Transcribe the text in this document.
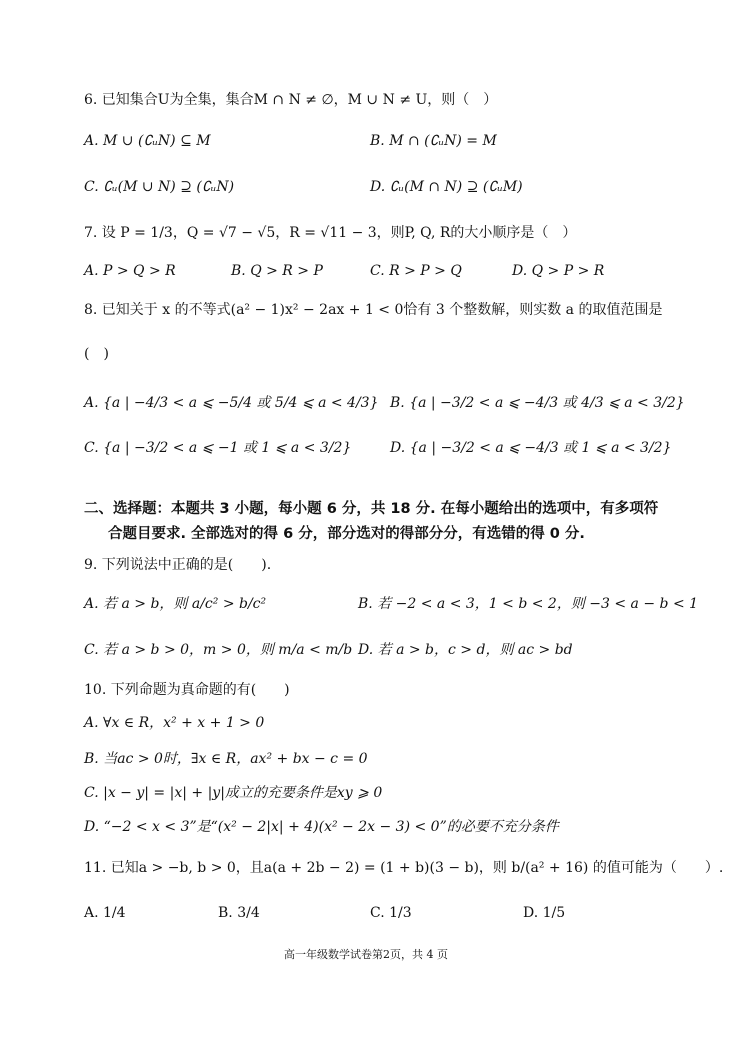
6. 已知集合U为全集，集合M ∩ N ≠ ∅，M ∪ N ≠ U，则（　）
A. M ∪ (∁ᵤN) ⊆ M	B. M ∩ (∁ᵤN) = M
C. ∁ᵤ(M ∪ N) ⊇ (∁ᵤN)	D. ∁ᵤ(M ∩ N) ⊇ (∁ᵤM)
7. 设 P = 1/3，Q = √7 − √5，R = √11 − 3，则P, Q, R的大小顺序是（　）
A. P > Q > R	B. Q > R > P	C. R > P > Q	D. Q > P > R
8. 已知关于 x 的不等式(a² − 1)x² − 2ax + 1 < 0恰有 3 个整数解，则实数 a 的取值范围是
(　)
A. {a | −4/3 < a ⩽ −5/4 或 5/4 ⩽ a < 4/3} B. {a | −3/2 < a ⩽ −4/3 或 4/3 ⩽ a < 3/2}
C. {a | −3/2 < a ⩽ −1 或 1 ⩽ a < 3/2}	D. {a | −3/2 < a ⩽ −4/3 或 1 ⩽ a < 3/2}
二、选择题：本题共 3 小题，每小题 6 分，共 18 分. 在每小题给出的选项中，有多项符
合题目要求. 全部选对的得 6 分，部分选对的得部分分，有选错的得 0 分.
9. 下列说法中正确的是(　　).
A. 若 a > b，则 a/c² > b/c²	B. 若 −2 < a < 3，1 < b < 2，则 −3 < a − b < 1
C. 若 a > b > 0，m > 0，则 m/a < m/b D. 若 a > b，c > d，则 ac > bd
10. 下列命题为真命题的有(　　)
A. ∀x ∈ R，x² + x + 1 > 0
B. 当ac > 0时，∃x ∈ R，ax² + bx − c = 0
C. |x − y| = |x| + |y|成立的充要条件是xy ⩾ 0
D. “−2 < x < 3”是“(x² − 2|x| + 4)(x² − 2x − 3) < 0”的必要不充分条件
11. 已知a > −b, b > 0，且a(a + 2b − 2) = (1 + b)(3 − b)，则 b/(a² + 16) 的值可能为（　　）.
A. 1/4	B. 3/4	C. 1/3	D. 1/5
高一年级数学试卷第2页，共 4 页
